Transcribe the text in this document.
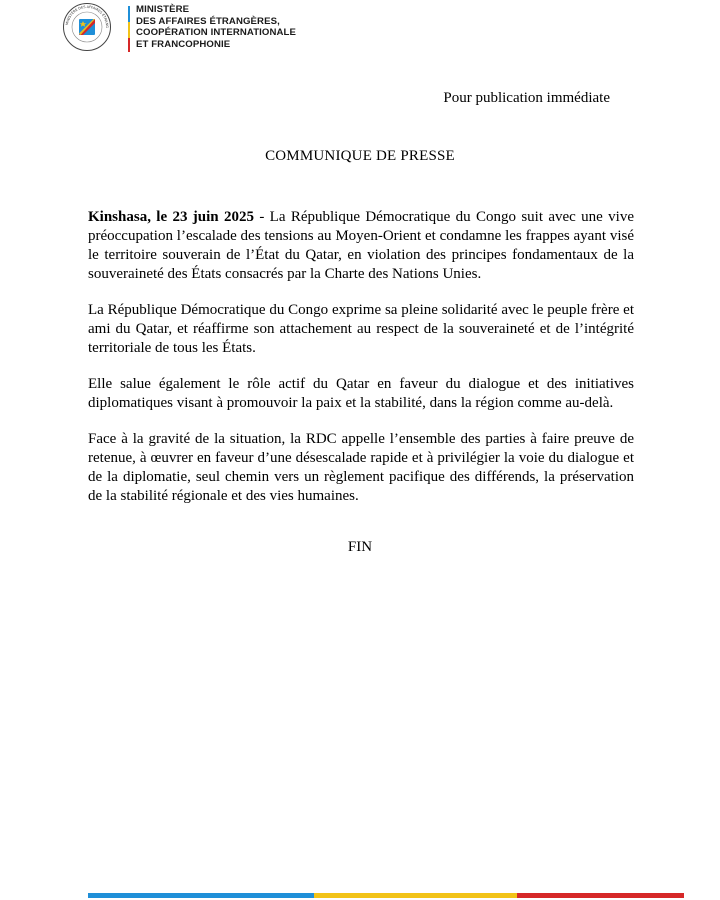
MINISTÈRE DES AFFAIRES ÉTRANG
MINISTÈRE
DES AFFAIRES ÉTRANGÈRES,
COOPÉRATION INTERNATIONALE
ET FRANCOPHONIE
Pour publication immédiate
COMMUNIQUE DE PRESSE

Kinshasa, le 23 juin 2025 - La République Démocratique du Congo suit avec une vive préoccupation l’escalade des tensions au Moyen-Orient et condamne les frappes ayant visé le territoire souverain de l’État du Qatar, en violation des principes fondamentaux de la souveraineté des États consacrés par la Charte des Nations Unies.

La République Démocratique du Congo exprime sa pleine solidarité avec le peuple frère et ami du Qatar, et réaffirme son attachement au respect de la souveraineté et de l’intégrité territoriale de tous les États.

Elle salue également le rôle actif du Qatar en faveur du dialogue et des initiatives diplomatiques visant à promouvoir la paix et la stabilité, dans la région comme au-delà.

Face à la gravité de la situation, la RDC appelle l’ensemble des parties à faire preuve de retenue, à œuvrer en faveur d’une désescalade rapide et à privilégier la voie du dialogue et de la diplomatie, seul chemin vers un règlement pacifique des différends, la préservation de la stabilité régionale et des vies humaines.

FIN
